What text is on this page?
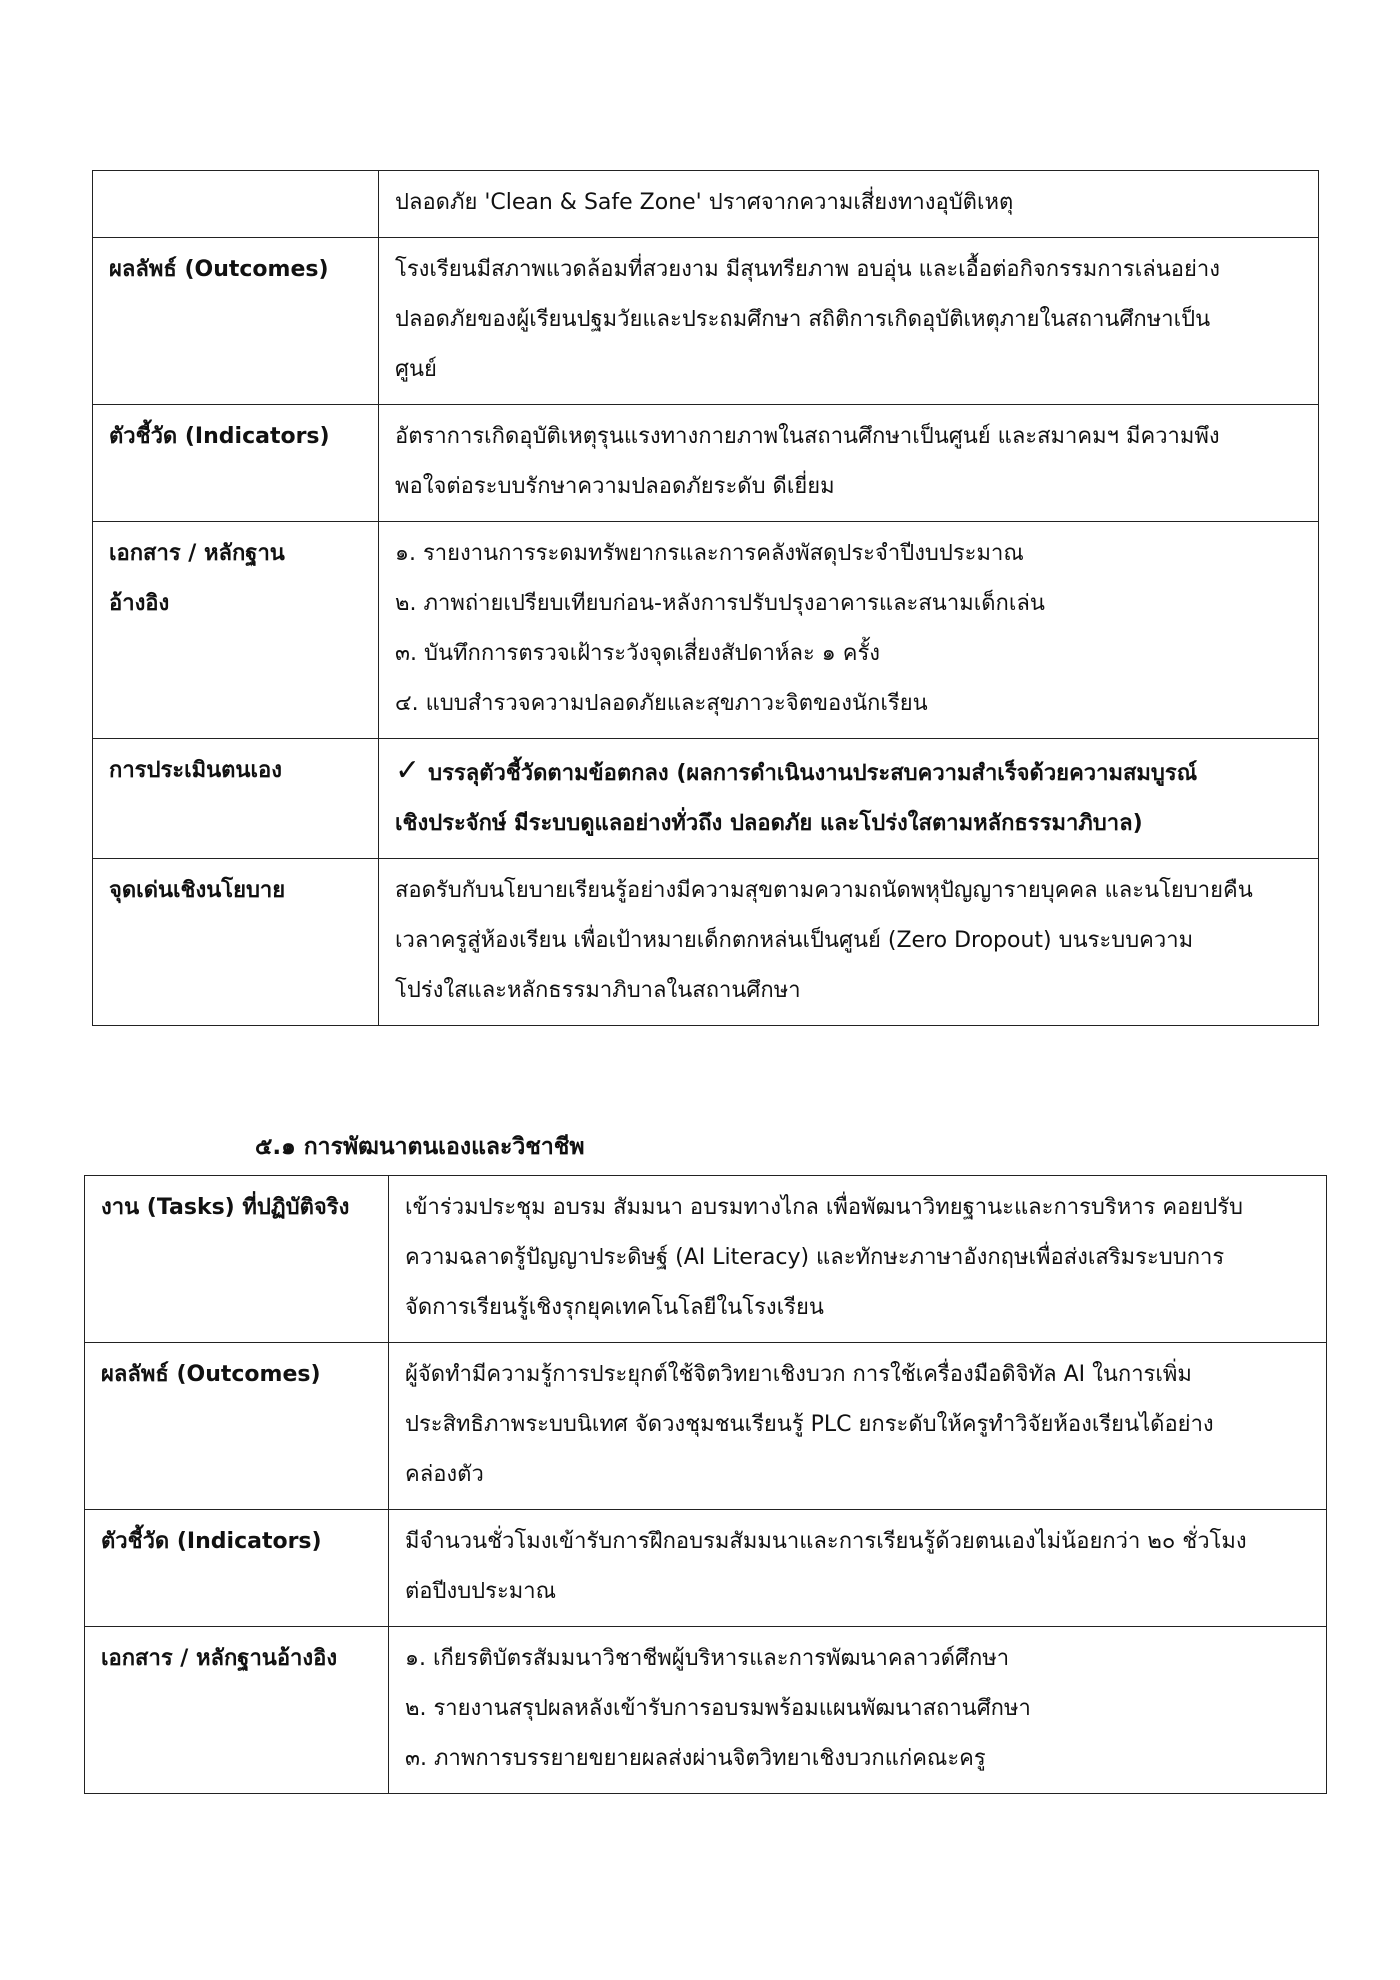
	ปลอดภัย 'Clean & Safe Zone' ปราศจากความเสี่ยงทางอุบัติเหตุ

ผลลัพธ์ (Outcomes)	โรงเรียนมีสภาพแวดล้อมที่สวยงาม มีสุนทรียภาพ อบอุ่น และเอื้อต่อกิจกรรมการเล่นอย่าง
ปลอดภัยของผู้เรียนปฐมวัยและประถมศึกษา สถิติการเกิดอุบัติเหตุภายในสถานศึกษาเป็น
ศูนย์

ตัวชี้วัด (Indicators)	อัตราการเกิดอุบัติเหตุรุนแรงทางกายภาพในสถานศึกษาเป็นศูนย์ และสมาคมฯ มีความพึง
พอใจต่อระบบรักษาความปลอดภัยระดับ ดีเยี่ยม

เอกสาร / หลักฐาน
อ้างอิง	๑. รายงานการระดมทรัพยากรและการคลังพัสดุประจำปีงบประมาณ
๒. ภาพถ่ายเปรียบเทียบก่อน-หลังการปรับปรุงอาคารและสนามเด็กเล่น
๓. บันทึกการตรวจเฝ้าระวังจุดเสี่ยงสัปดาห์ละ ๑ ครั้ง
๔. แบบสำรวจความปลอดภัยและสุขภาวะจิตของนักเรียน

การประเมินตนเอง	✓ บรรลุตัวชี้วัดตามข้อตกลง (ผลการดำเนินงานประสบความสำเร็จด้วยความสมบูรณ์
เชิงประจักษ์ มีระบบดูแลอย่างทั่วถึง ปลอดภัย และโปร่งใสตามหลักธรรมาภิบาล)

จุดเด่นเชิงนโยบาย	สอดรับกับนโยบายเรียนรู้อย่างมีความสุขตามความถนัดพหุปัญญารายบุคคล และนโยบายคืน
เวลาครูสู่ห้องเรียน เพื่อเป้าหมายเด็กตกหล่นเป็นศูนย์ (Zero Dropout) บนระบบความ
โปร่งใสและหลักธรรมาภิบาลในสถานศึกษา
๕.๑ การพัฒนาตนเองและวิชาชีพ
งาน (Tasks) ที่ปฏิบัติจริง	เข้าร่วมประชุม อบรม สัมมนา อบรมทางไกล เพื่อพัฒนาวิทยฐานะและการบริหาร คอยปรับ
ความฉลาดรู้ปัญญาประดิษฐ์ (AI Literacy) และทักษะภาษาอังกฤษเพื่อส่งเสริมระบบการ
จัดการเรียนรู้เชิงรุกยุคเทคโนโลยีในโรงเรียน

ผลลัพธ์ (Outcomes)	ผู้จัดทำมีความรู้การประยุกต์ใช้จิตวิทยาเชิงบวก การใช้เครื่องมือดิจิทัล AI ในการเพิ่ม
ประสิทธิภาพระบบนิเทศ จัดวงชุมชนเรียนรู้ PLC ยกระดับให้ครูทำวิจัยห้องเรียนได้อย่าง
คล่องตัว

ตัวชี้วัด (Indicators)	มีจำนวนชั่วโมงเข้ารับการฝึกอบรมสัมมนาและการเรียนรู้ด้วยตนเองไม่น้อยกว่า ๒๐ ชั่วโมง
ต่อปีงบประมาณ

เอกสาร / หลักฐานอ้างอิง	๑. เกียรติบัตรสัมมนาวิชาชีพผู้บริหารและการพัฒนาคลาวด์ศึกษา
๒. รายงานสรุปผลหลังเข้ารับการอบรมพร้อมแผนพัฒนาสถานศึกษา
๓. ภาพการบรรยายขยายผลส่งผ่านจิตวิทยาเชิงบวกแก่คณะครู
